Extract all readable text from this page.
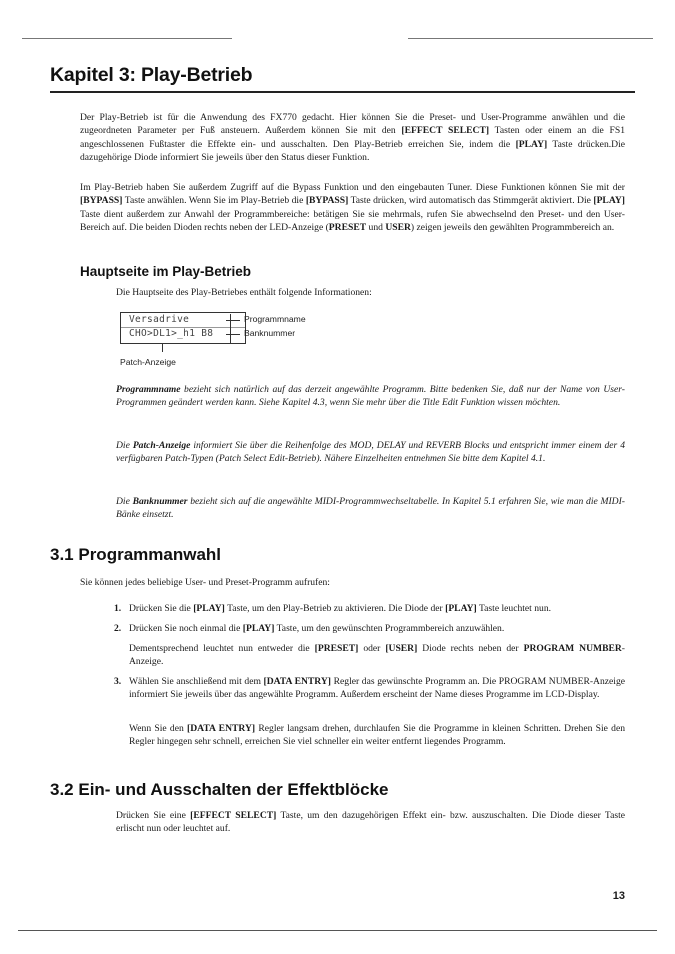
Kapitel 3: Play-Betrieb

Der Play-Betrieb ist für die Anwendung des FX770 gedacht. Hier können Sie die Preset- und User-Programme anwählen und die zugeordneten Parameter per Fuß ansteuern. Außerdem können Sie mit den [EFFECT SELECT] Tasten oder einem an die FS1 angeschlossenen Fußtaster die Effekte ein- und ausschalten. Den Play-Betrieb erreichen Sie, indem die [PLAY] Taste drücken.Die dazugehörige Diode informiert Sie jeweils über den Status dieser Funktion.

Im Play-Betrieb haben Sie außerdem Zugriff auf die Bypass Funktion und den eingebauten Tuner. Diese Funktionen können Sie mit der [BYPASS] Taste anwählen. Wenn Sie im Play-Betrieb die [BYPASS] Taste drücken, wird automatisch das Stimmgerät aktiviert. Die [PLAY] Taste dient außerdem zur Anwahl der Programmbereiche: betätigen Sie sie mehrmals, rufen Sie abwechselnd den Preset- und den User-Bereich auf. Die beiden Dioden rechts neben der LED-Anzeige (PRESET und USER) zeigen jeweils den gewählten Programmbereich an.

Hauptseite im Play-Betrieb

Die Hauptseite des Play-Betriebes enthält folgende Informationen:

Versadrive
CHO>DL1>_h1 B8
Programmname
Banknummer
Patch-Anzeige

Programmname bezieht sich natürlich auf das derzeit angewählte Programm. Bitte bedenken Sie, daß nur der Name von User-Programmen geändert werden kann. Siehe Kapitel 4.3, wenn Sie mehr über die Title Edit Funktion wissen möchten.

Die Patch-Anzeige informiert Sie über die Reihenfolge des MOD, DELAY und REVERB Blocks und entspricht immer einem der 4 verfügbaren Patch-Typen (Patch Select Edit-Betrieb). Nähere Einzelheiten entnehmen Sie bitte dem Kapitel 4.1.

Die Banknummer bezieht sich auf die angewählte MIDI-Programmwechseltabelle. In Kapitel 5.1 erfahren Sie, wie man die MIDI-Bänke einsetzt.

3.1 Programmanwahl

Sie können jedes beliebige User- und Preset-Programm aufrufen:

1. Drücken Sie die [PLAY] Taste, um den Play-Betrieb zu aktivieren. Die Diode der [PLAY] Taste leuchtet nun.

2. Drücken Sie noch einmal die [PLAY] Taste, um den gewünschten Programmbereich anzuwählen.

Dementsprechend leuchtet nun entweder die [PRESET] oder [USER] Diode rechts neben der PROGRAM NUMBER-Anzeige.

3. Wählen Sie anschließend mit dem [DATA ENTRY] Regler das gewünschte Programm an. Die PROGRAM NUMBER-Anzeige informiert Sie jeweils über das angewählte Programm. Außerdem erscheint der Name dieses Programme im LCD-Display.

Wenn Sie den [DATA ENTRY] Regler langsam drehen, durchlaufen Sie die Programme in kleinen Schritten. Drehen Sie den Regler hingegen sehr schnell, erreichen Sie viel schneller ein weiter entfernt liegendes Programm.

3.2 Ein- und Ausschalten der Effektblöcke

Drücken Sie eine [EFFECT SELECT] Taste, um den dazugehörigen Effekt ein- bzw. auszuschalten. Die Diode dieser Taste erlischt nun oder leuchtet auf.

13
